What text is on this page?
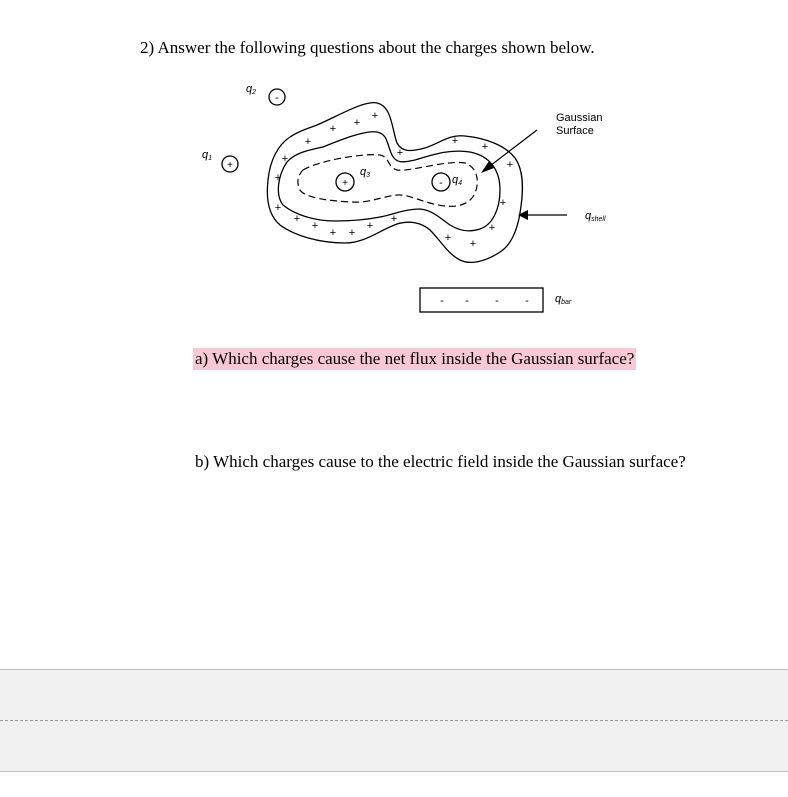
2) Answer the following questions about the charges shown below.
+ +
+
+
+
+
+
+
+
+ +
+
+
+
+ +
+
+
+
+ +
-
q2
+
q1
+
q3
- q4
Gaussian
Surface
qshell
- - - - qbar
a) Which charges cause the net flux inside the Gaussian surface?
b) Which charges cause to the electric field inside the Gaussian surface?
